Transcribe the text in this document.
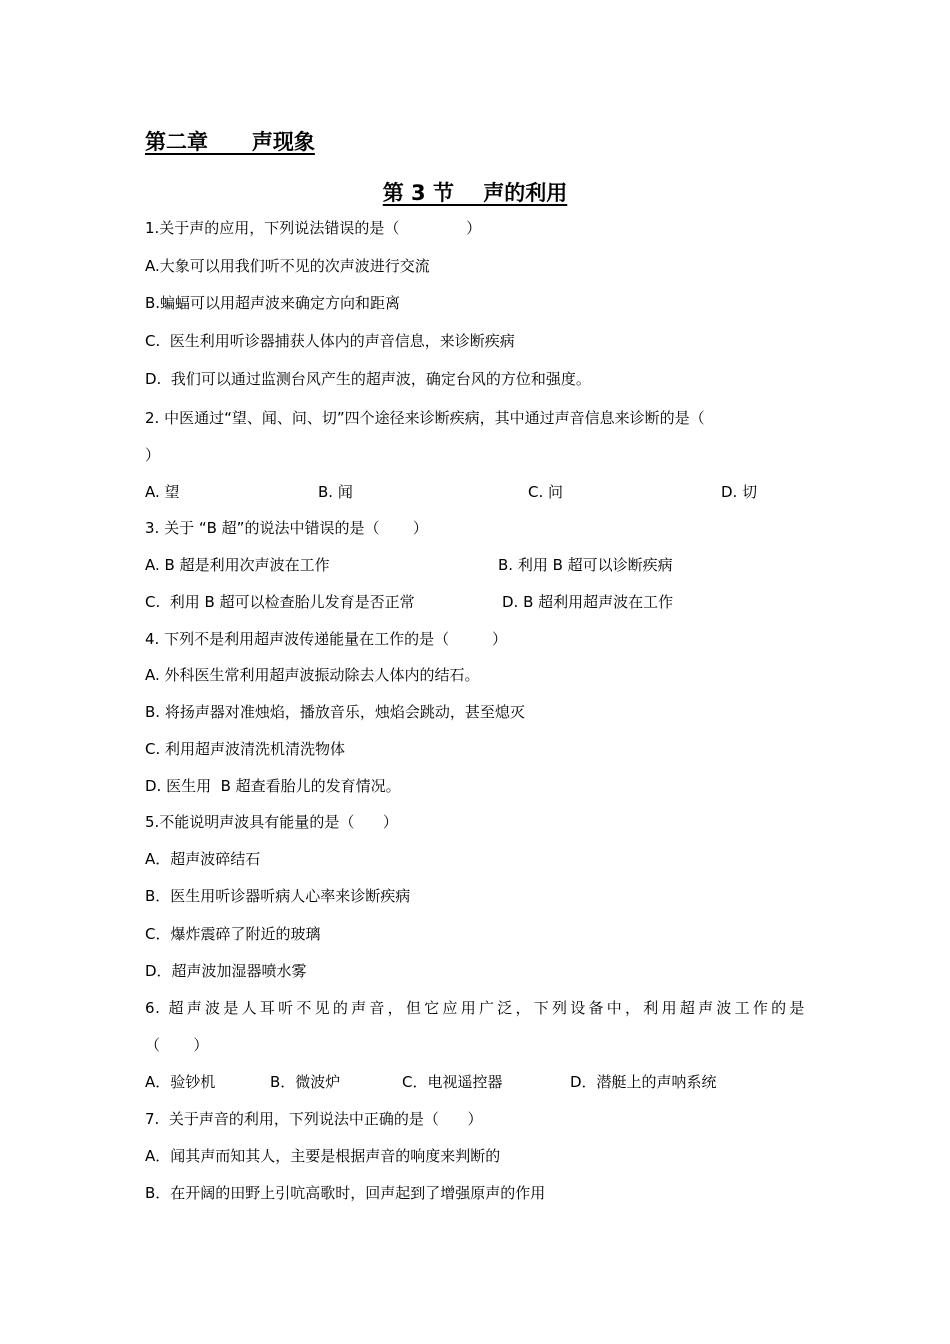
第二章      声现象
第 3 节    声的利用
1.关于声的应用，下列说法错误的是（              ）
A.大象可以用我们听不见的次声波进行交流
B.蝙蝠可以用超声波来确定方向和距离
C.  医生利用听诊器捕获人体内的声音信息，来诊断疾病
D.  我们可以通过监测台风产生的超声波，确定台风的方位和强度。
2. 中医通过“望、闻、问、切”四个途径来诊断疾病，其中通过声音信息来诊断的是（
）
A. 望	B. 闻	C. 问	D. 切
3. 关于 “B 超”的说法中错误的是（       ）
A. B 超是利用次声波在工作	B. 利用 B 超可以诊断疾病
C.  利用 B 超可以检查胎儿发育是否正常	D. B 超利用超声波在工作
4. 下列不是利用超声波传递能量在工作的是（         ）
A. 外科医生常利用超声波振动除去人体内的结石。
B. 将扬声器对准烛焰，播放音乐，烛焰会跳动，甚至熄灭
C. 利用超声波清洗机清洗物体
D. 医生用  B 超查看胎儿的发育情况。
5.不能说明声波具有能量的是（      ）
A．超声波碎结石
B．医生用听诊器听病人心率来诊断疾病
C．爆炸震碎了附近的玻璃
D．超声波加湿器喷水雾
6. 超声波是人耳听不见的声音，但它应用广泛，下列设备中，利用超声波工作的是
（       ）
A．验钞机	B．微波炉	C．电视遥控器	D．潜艇上的声呐系统
7.  关于声音的利用，下列说法中正确的是（      ）
A．闻其声而知其人，主要是根据声音的响度来判断的
B．在开阔的田野上引吭高歌时，回声起到了增强原声的作用
